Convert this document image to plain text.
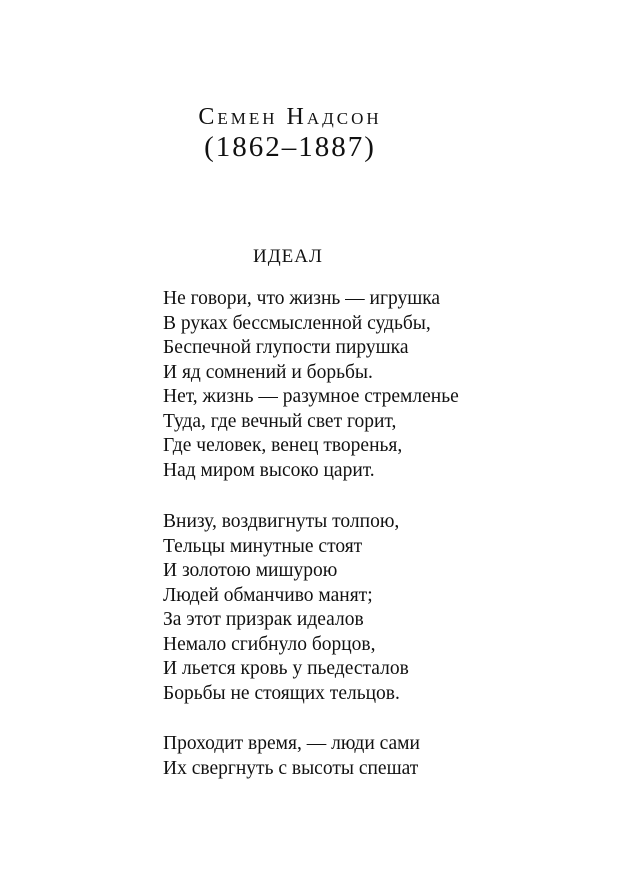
Семен Надсон
(1862–1887)
ИДЕАЛ
Не говори, что жизнь — игрушка
В руках бессмысленной судьбы,
Беспечной глупости пирушка
И яд сомнений и борьбы.
Нет, жизнь — разумное стремленье
Туда, где вечный свет горит,
Где человек, венец творенья,
Над миром высоко царит.
Внизу, воздвигнуты толпою,
Тельцы минутные стоят
И золотою мишурою
Людей обманчиво манят;
За этот призрак идеалов
Немало сгибнуло борцов,
И льется кровь у пьедесталов
Борьбы не стоящих тельцов.
Проходит время, — люди сами
Их свергнуть с высоты спешат
